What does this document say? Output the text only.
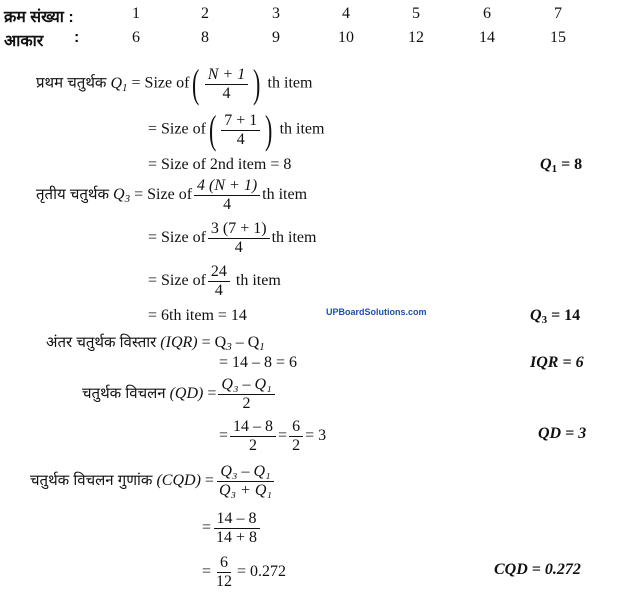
क्रम संख्या :	1	2	3	4	5	6	7
आकार :	6	8	9	10	12	14	15
प्रथम चतुर्थक $Q_1$ = Size of ( $\frac{N + 1}{4}$ ) th item
= Size of ( $\frac{7 + 1}{4}$ ) th item
= Size of 2nd item = 8	$Q_1 = 8$
तृतीय चतुर्थक $Q_3$ = Size of $\frac{4 (N + 1)}{4}$ th item
= Size of $\frac{3 (7 + 1)}{4}$ th item
= Size of $\frac{24}{4}$ th item
= 6th item = 14	UPBoardSolutions.com	$Q_3 = 14$
अंतर चतुर्थक विस्तार $(IQR) = Q_3 - Q_1$
= 14 – 8 = 6	IQR = 6
चतुर्थक विचलन $(QD) = \frac{\text{Q₃ – Q₁}}{2}$
= $\frac{14 - 8}{2} = \frac{6}{2} = 3$	QD = 3
चतुर्थक विचलन गुणांक $(CQD) = \frac{\text{Q₃ – Q₁}}{\text{Q₃ + Q₁}}$
= $\frac{14 - 8}{14 + 8}$
= $\frac{6}{12} = 0.272$	CQD = 0.272
